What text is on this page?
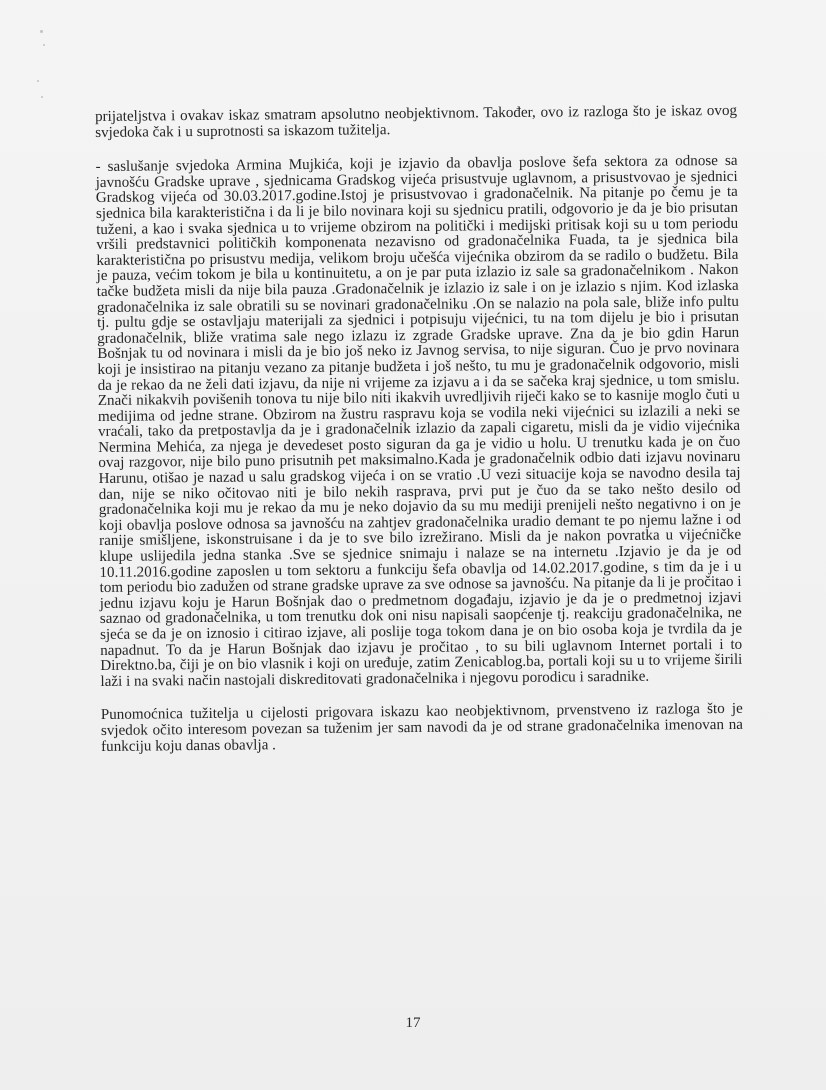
prijateljstva i ovakav iskaz smatram apsolutno neobjektivnom. Također, ovo iz razloga što je iskaz ovog svjedoka čak i u suprotnosti sa iskazom tužitelja.

- saslušanje svjedoka Armina Mujkića, koji je izjavio da obavlja poslove šefa sektora za odnose sa javnošću Gradske uprave , sjednicama Gradskog vijeća prisustvuje uglavnom, a prisustvovao je sjednici Gradskog vijeća od 30.03.2017.godine.Istoj je prisustvovao i gradonačelnik. Na pitanje po čemu je ta sjednica bila karakteristična i da li je bilo novinara koji su sjednicu pratili, odgovorio je da je bio prisutan tuženi, a kao i svaka sjednica u to vrijeme obzirom na politički i medijski pritisak koji su u tom periodu vršili predstavnici političkih komponenata nezavisno od gradonačelnika Fuada, ta je sjednica bila karakteristična po prisustvu medija, velikom broju učešća vijećnika obzirom da se radilo o budžetu. Bila je pauza, većim tokom je bila u kontinuitetu, a on je par puta izlazio iz sale sa gradonačelnikom . Nakon tačke budžeta misli da nije bila pauza .Gradonačelnik je izlazio iz sale i on je izlazio s njim. Kod izlaska gradonačelnika iz sale obratili su se novinari gradonačelniku .On se nalazio na pola sale, bliže info pultu tj. pultu gdje se ostavljaju materijali za sjednici i potpisuju vijećnici, tu na tom dijelu je bio i prisutan gradonačelnik, bliže vratima sale nego izlazu iz zgrade Gradske uprave. Zna da je bio gdin Harun Bošnjak tu od novinara i misli da je bio još neko iz Javnog servisa, to nije siguran. Čuo je prvo novinara koji je insistirao na pitanju vezano za pitanje budžeta i još nešto, tu mu je gradonačelnik odgovorio, misli da je rekao da ne želi dati izjavu, da nije ni vrijeme za izjavu a i da se sačeka kraj sjednice, u tom smislu. Znači nikakvih povišenih tonova tu nije bilo niti ikakvih uvredljivih riječi kako se to kasnije moglo čuti u medijima od jedne strane. Obzirom na žustru raspravu koja se vodila neki vijećnici su izlazili a neki se vraćali, tako da pretpostavlja da je i gradonačelnik izlazio da zapali cigaretu, misli da je vidio vijećnika Nermina Mehića, za njega je devedeset posto siguran da ga je vidio u holu. U trenutku kada je on čuo ovaj razgovor, nije bilo puno prisutnih pet maksimalno.Kada je gradonačelnik odbio dati izjavu novinaru Harunu, otišao je nazad u salu gradskog vijeća i on se vratio .U vezi situacije koja se navodno desila taj dan, nije se niko očitovao niti je bilo nekih rasprava, prvi put je čuo da se tako nešto desilo od gradonačelnika koji mu je rekao da mu je neko dojavio da su mu mediji prenijeli nešto negativno i on je koji obavlja poslove odnosa sa javnošću na zahtjev gradonačelnika uradio demant te po njemu lažne i od ranije smišljene, iskonstruisane i da je to sve bilo izrežirano. Misli da je nakon povratka u vijećničke klupe uslijedila jedna stanka .Sve se sjednice snimaju i nalazе se na internetu .Izjavio je da je od 10.11.2016.godine zaposlen u tom sektoru a funkciju šefa obavlja od 14.02.2017.godine, s tim da je i u tom periodu bio zadužen od strane gradske uprave za sve odnose sa javnošću. Na pitanje da li je pročitao i jednu izjavu koju je Harun Bošnjak dao o predmetnom događaju, izjavio je da je o predmetnoj izjavi saznao od gradonačelnika, u tom trenutku dok oni nisu napisali saopćenje tj. reakciju gradonačelnika, ne sjeća se da je on iznosio i citirao izjave, ali poslije toga tokom dana je on bio osoba koja je tvrdila da je napadnut. To da je Harun Bošnjak dao izjavu je pročitao , to su bili uglavnom Internet portali i to Direktno.ba, čiji je on bio vlasnik i koji on uređuje, zatim Zenicablog.ba, portali koji su u to vrijeme širili laži i na svaki način nastojali diskreditovati gradonačelnika i njegovu porodicu i saradnike.

Punomoćnica tužitelja u cijelosti prigovara iskazu kao neobjektivnom, prvenstveno iz razloga što je svjedok očito interesom povezan sa tuženim jer sam navodi da je od strane gradonačelnika imenovan na funkciju koju danas obavlja .

17
